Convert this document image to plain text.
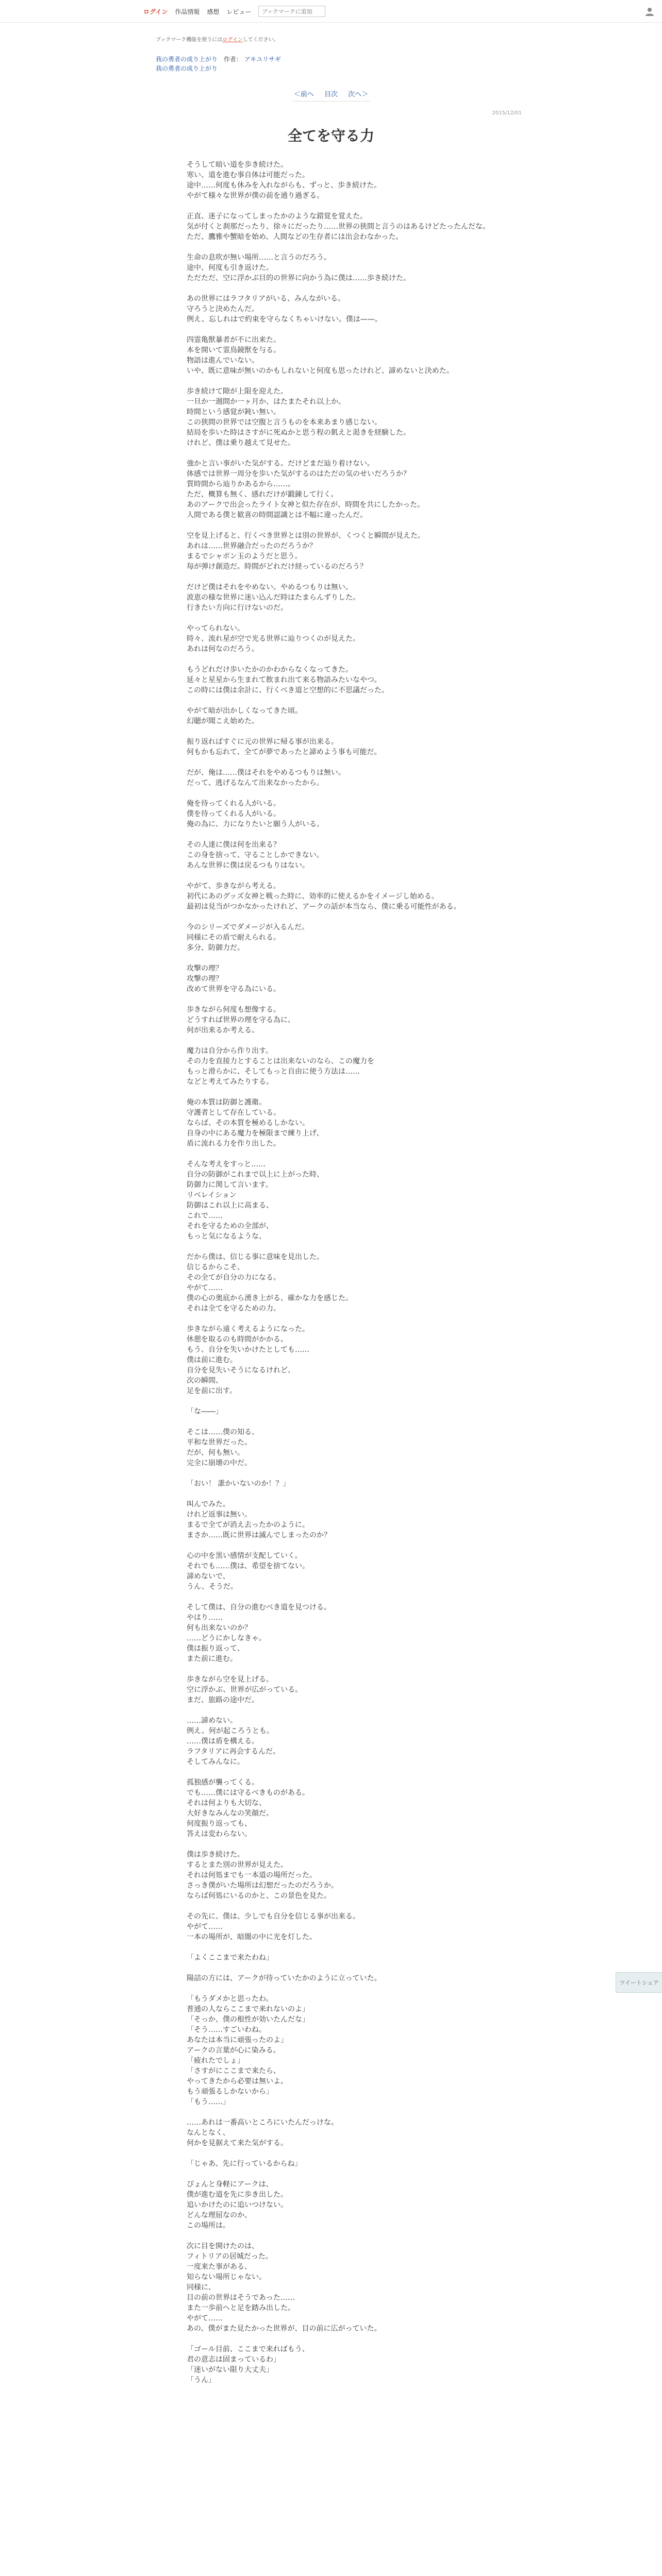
ログイン 作品情報 感想 レビュー
ブックマークに追加
ブックマーク機能を使うにはログインしてください。
我の勇者の成り上がり 作者： アキユリサギ
我の勇者の成り上がり
＜前へ 目次 次へ＞
2015/12/01
全てを守る力

そうして暗い道を歩き続けた。
寒い、道を進む事自体は可能だった。
途中……何度も休みを入れながらも、ずっと、歩き続けた。
やがて様々な世界が僕の前を通り過ぎる。

正直、迷子になってしまったかのような錯覚を覚えた。
気が付くと刹那だったり、徐々にだったり……世界の狭間と言うのはあるけどたったんだな。
ただ、鷹雅や蟹暗を始め、人間などの生存者には出会わなかった。

生命の息吹が無い場所……と言うのだろう。
途中、何度も引き返けた。
ただただ、空に浮かぶ目的の世界に向かう為に僕は……歩き続けた。

あの世界にはラフタリアがいる、みんながいる。
守ろうと決めたんだ。
例え、忘しれはで約束を守らなくちゃいけない。僕は——。

四霊亀獣暴者が不に出来た。
本を開いて霊鳥鏡獣を与る。
物語は進んでいない。
いや、既に意味が無いのかもしれないと何度も思ったけれど、諦めないと決めた。

歩き続けて隙が上限を迎えた。
一旦か一週間か一ヶ月か、はたまたそれ以上か。
時間という感覚が鈍い無い。
この狭間の世界では空腹と言うものを本来あまり感じない。
結局を歩いた時はさすがに死ぬかと思う程の飢えと渇きを経験した。
けれど、僕は乗り越えて見せた。

強かと言い事がいた気がする。だけどまだ辿り着けない。
体感では世界一周分を歩いた気がするのはただの気のせいだろうか？
質時間から辿りかあるから……。
ただ、概算も無く、感れだけが鍛錬して行く。
あのアークで出会ったライト女神と似た存在が、時間を共にしたかった。
人間である僕と歓喜の時間認識とは不幅に違ったんだ。

空を見上げると、行くべき世界とは別の世界が、くつくと瞬間が見えた。
あれは……世界融合だったのだろうか？
まるでシャボン玉のようだと思う。
毎が弾け創造だ。時間がどれだけ経っているのだろう？

だけど僕はそれをやめない。やめるつもりは無い。
波恵の様な世界に迷い込んだ時はたまらんずりした。
行きたい方向に行けないのだ。

やってられない。
時々、流れ星が空で光る世界に辿りつくのが見えた。
あれは何なのだろう。

もうどれだけ歩いたかのかわからなくなってきた。
延々と星星から生まれて飲まれ出て来る物語みたいなやつ。
この時には僕は余計に、行くべき道と空想的に不思議だった。

やがて暗が出かしくなってきた頃。
幻聴が聞こえ始めた。

振り返ればすぐに元の世界に帰る事が出来る。
何もかも忘れて、全てが夢であったと諦めよう事も可能だ。

だが、俺は……僕はそれをやめるつもりは無い。
だって、逃げるなんて出来なかったから。

俺を待ってくれる人がいる。
僕を待ってくれる人がいる。
俺の為に、力になりたいと願う人がいる。

その人達に僕は何を出来る？
この身を捨って、守ることしかできない。
あんな世界に僕は戻るつもりはない。

やがて、歩きながら考える。
初代にあのグッズ女神と戦った時に、効率的に使えるかをイメージし始める。
最初は見当がつかなかったけれど、アークの話が本当なら、僕に乗る可能性がある。

今のシリーズでダメージが入るんだ。
同様にその盾で耐えられる。
多分、防御力だ。

攻撃の理？
攻撃の理？
改めて世界を守る為にいる。

歩きながら何度も想像する。
どうすれば世界の理を守る為に、
何が出来るか考える。

魔力は自分から作り出す。
その力を直接力とすることは出来ないのなら、この魔力を
もっと滑らかに、そしてもっと自由に使う方法は……
などと考えてみたりする。

俺の本質は防御と護衛。
守護者として存在している。
ならば、その本質を極めるしかない。
自身の中にある魔力を極限まで練り上げ、
盾に流れる力を作り出した。

そんな考えをすっと……
自分の防御がこれまで以上に上がった時、
防御力に関して言います。
リベレイション
防御はこれ以上に高まる、
これで……
それを守るための全部が、
もっと気になるような、

だから僕は、信じる事に意味を見出した。
信じるからこそ、
その全てが自分の力になる。
やがて……
僕の心の奥底から湧き上がる、確かな力を感じた。
それは全てを守るための力。

歩きながら遠く考えるようになった。
休憩を取るのも時間がかかる。
もう、自分を失いかけたとしても……
僕は前に進む。
自分を見失いそうになるけれど、
次の瞬間、
足を前に出す。

「な――」

そこは……僕の知る、
平和な世界だった。
だが、何も無い。
完全に崩壊の中だ。

「おい！ 誰かいないのか！？」

叫んでみた。
けれど返事は無い。
まるで全てが消え去ったかのように。
まさか……既に世界は滅んでしまったのか？

心の中を黒い感情が支配していく。
それでも……僕は、希望を捨てない。
諦めないで、
うん、そうだ。

そして僕は、自分の進むべき道を見つける。
やはり……
何も出来ないのか？
……どうにかしなきゃ。
僕は振り返って、
また前に進む。

歩きながら空を見上げる。
空に浮かぶ、世界が広がっている。
まだ、旅路の途中だ。

……諦めない。
例え、何が起ころうとも。
……僕は盾を構える。
ラフタリアに再会するんだ。
そしてみんなに。

孤独感が襲ってくる。
でも……僕には守るべきものがある。
それは何よりも大切な、
大好きなみんなの笑顔だ。
何度振り返っても、
答えは変わらない。

僕は歩き続けた。
するとまた別の世界が見えた。
それは何処までも一本道の場所だった。
さっき僕がいた場所は幻想だったのだろうか。
ならば何処にいるのかと、この景色を見た。

その先に、僕は、少しでも自分を信じる事が出来る。
やがて……
一本の場所が、暗闇の中に光を灯した。

「よくここまで来たわね」

陽詰の方には、アークが待っていたかのように立っていた。

「もうダメかと思ったわ。
普通の人ならここまで来れないのよ」
「そっか、僕の根性が効いたんだな」
「そう……すごいわね。
あなたは本当に頑張ったのよ」
アークの言葉が心に染みる。
「疲れたでしょ」
「さすがにここまで来たら、
やってきたから必要は無いよ。
もう頑張るしかないから」
「もう……」

……あれは一番高いところにいたんだっけな。
なんとなく、
何かを見据えて来た気がする。

「じゃあ、先に行っているからね」

ぴょんと身軽にアークは、
僕が進む道を先に歩き出した。
追いかけたのに追いつけない。
どんな理屈なのか、
この場所は。

次に目を開けたのは、
フィトリアの居城だった。
一度来た事がある、
知らない場所じゃない。
同様に、
目の前の世界はそうであった……
また一歩前へと足を踏み出した。
やがて……
あの、僕がまた見たかった世界が、目の前に広がっていた。

「ゴール目前、ここまで来ればもう、
君の意志は固まっているわ」
「迷いがない限り大丈夫」
「うん」

ツイートシェア
